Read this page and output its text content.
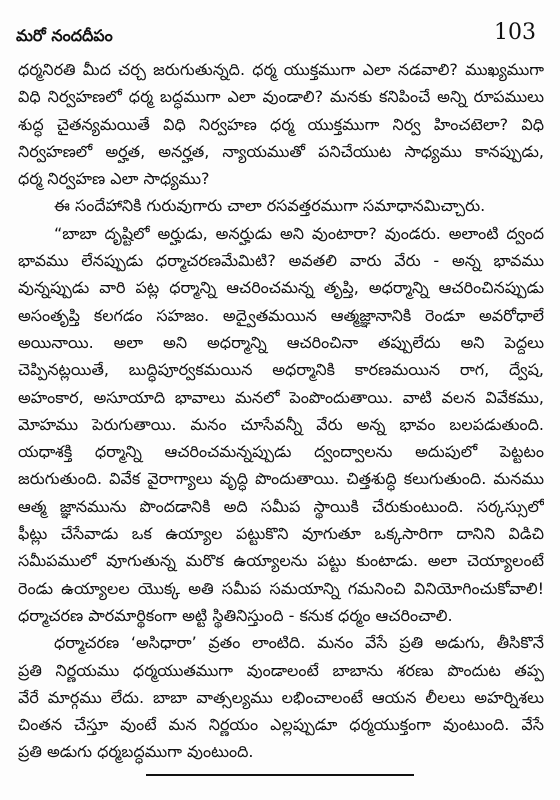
మరో నందదీపం	103
ధర్మనిరతి మీద చర్చ జరుగుతున్నది. ధర్మ యుక్తముగా ఎలా నడవాలి? ముఖ్యముగా
విధి నిర్వహణలో ధర్మ బద్ధముగా ఎలా వుండాలి? మనకు కనిపించే అన్ని రూపములు
శుద్ధ చైతన్యమయితే విధి నిర్వహణ ధర్మ యుక్తముగా నిర్వ హించటెలా? విధి
నిర్వహణలో అర్హత, అనర్హత, న్యాయముతో పనిచేయుట సాధ్యము కానప్పుడు,
ధర్మ నిర్వహణ ఎలా సాధ్యము?
ఈ సందేహానికి గురువుగారు చాలా రసవత్తరముగా సమాధానమిచ్చారు.
“బాబా దృష్టిలో అర్హుడు, అనర్హుడు అని వుంటారా? వుండరు. అలాంటి ద్వంద
భావము లేనప్పుడు ధర్మాచరణమేమిటి? అవతలి వారు వేరు - అన్న భావము
వున్నప్పుడు వారి పట్ల ధర్మాన్ని ఆచరించమన్న తృప్తి, అధర్మాన్ని ఆచరించినప్పుడు
అసంతృప్తి కలగడం సహజం. అద్వైతమయిన ఆత్మజ్ఞానానికి రెండూ అవరోధాలే
అయినాయి. అలా అని అధర్మాన్ని ఆచరించినా తప్పులేదు అని పెద్దలు
చెప్పినట్లయితే, బుద్ధిపూర్వకమయిన అధర్మానికి కారణమయిన రాగ, ద్వేష,
అహంకార, అసూయాది భావాలు మనలో పెంపొందుతాయి. వాటి వలన వివేకము,
మోహము పెరుగుతాయి. మనం చూసేవన్నీ వేరు అన్న భావం బలపడుతుంది.
యధాశక్తి ధర్మాన్ని ఆచరించమన్నప్పుడు ద్వంద్వాలను అదుపులో పెట్టటం
జరుగుతుంది. వివేక వైరాగ్యాలు వృద్ధి పొందుతాయి. చిత్తశుద్ధి కలుగుతుంది. మనము
ఆత్మ జ్ఞానమును పొందడానికి అది సమీప స్థాయికి చేరుకుంటుంది. సర్కస్సులో
ఫీట్లు చేసేవాడు ఒక ఉయ్యాల పట్టుకొని వూగుతూ ఒక్కసారిగా దానిని విడిచి
సమీపములో వూగుతున్న మరొక ఉయ్యాలను పట్టు కుంటాడు. అలా చెయ్యాలంటే
రెండు ఉయ్యాలల యొక్క అతి సమీప సమయాన్ని గమనించి వినియోగించుకోవాలి!
ధర్మాచరణ పారమార్థికంగా అట్టి స్థితినిస్తుంది - కనుక ధర్మం ఆచరించాలి.
ధర్మాచరణ ‘అసిధారా’ వ్రతం లాంటిది. మనం వేసే ప్రతి అడుగు, తీసికొనే
ప్రతి నిర్ణయము ధర్మయుతముగా వుండాలంటే బాబాను శరణు పొందుట తప్ప
వేరే మార్గము లేదు. బాబా వాత్సల్యము లభించాలంటే ఆయన లీలలు అహర్నిశలు
చింతన చేస్తూ వుంటే మన నిర్ణయం ఎల్లప్పుడూ ధర్మయుక్తంగా వుంటుంది. వేసే
ప్రతి అడుగు ధర్మబద్ధముగా వుంటుంది.
